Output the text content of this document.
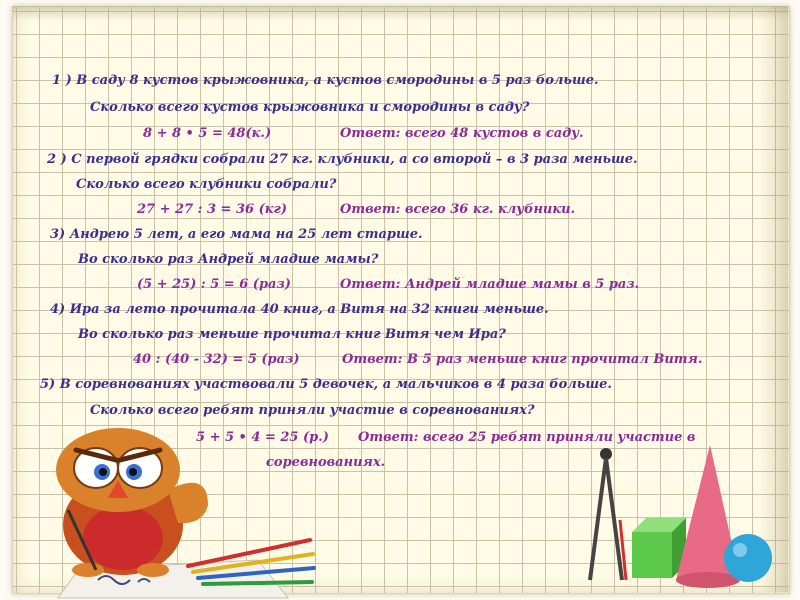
1 ) В саду 8 кустов крыжовника, а кустов смородины в 5 раз больше.
Сколько всего кустов крыжовника и смородины в саду?
8 + 8 • 5 = 48(к.)	Ответ: всего 48 кустов в саду.
2 ) С первой грядки собрали 27 кг. клубники, а со второй – в 3 раза меньше.
Сколько всего клубники собрали?
27 + 27 : 3 = 36 (кг)	Ответ: всего 36 кг. клубники.
3) Андрею 5 лет, а его мама на 25 лет старше.
Во сколько раз Андрей младше мамы?
(5 + 25) : 5 = 6 (раз)	Ответ: Андрей младше мамы в 5 раз.
4) Ира за лето прочитала 40 книг, а Витя на 32 книги меньше.
Во сколько раз меньше прочитал книг Витя чем Ира?
40 : (40 - 32) = 5 (раз)	Ответ: В 5 раз меньше книг прочитал Витя.
5) В соревнованиях участвовали 5 девочек, а мальчиков в 4 раза больше.
Сколько всего ребят приняли участие в соревнованиях?
5 + 5 • 4 = 25 (р.) Ответ: всего 25 ребят приняли участие в
соревнованиях.
